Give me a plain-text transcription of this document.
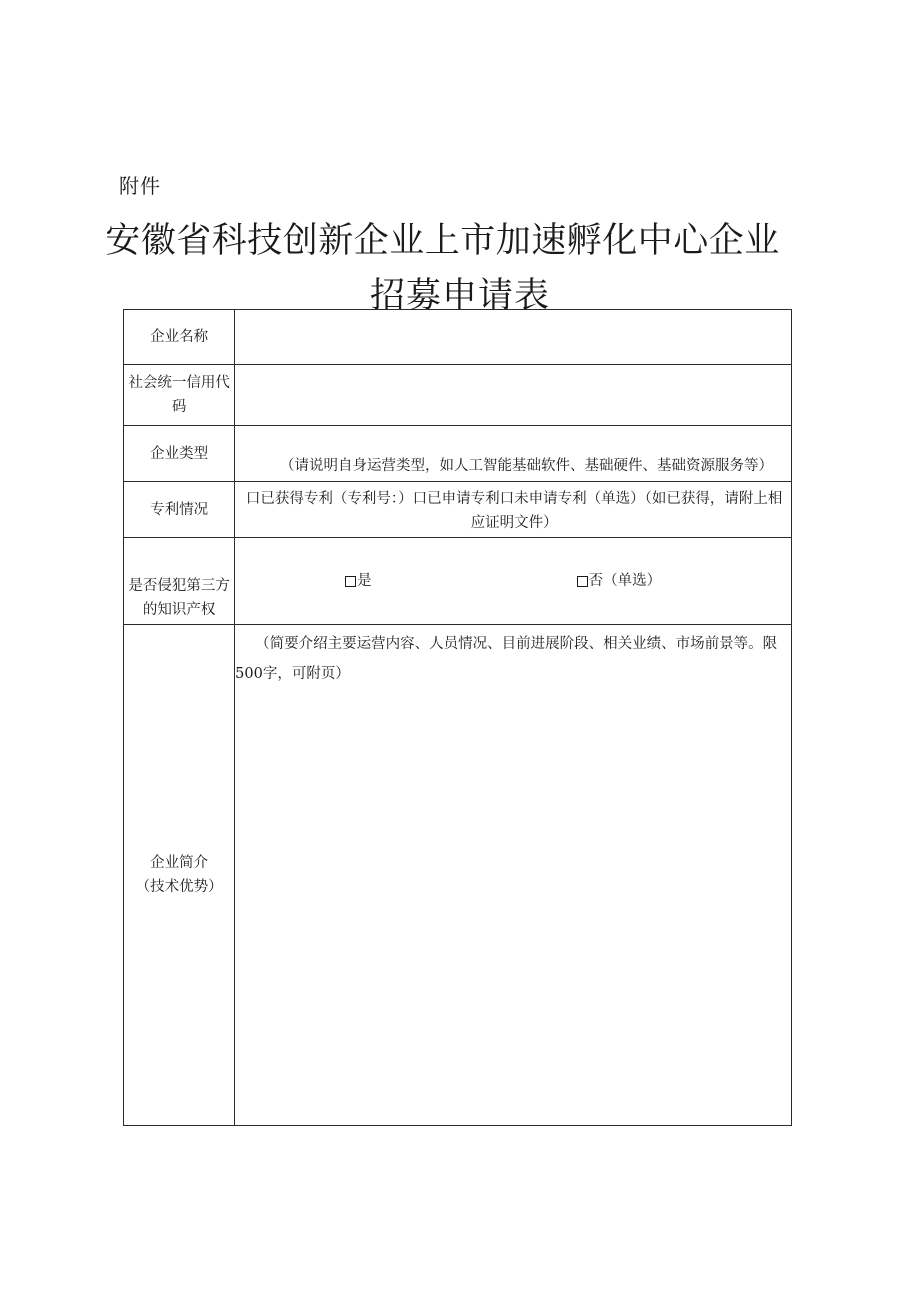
附件
安徽省科技创新企业上市加速孵化中心企业
招募申请表
企业名称	

社会统一信用代
码	

企业类型	（请说明自身运营类型，如人工智能基础软件、基础硬件、基础资源服务等）

专利情况	口已获得专利（专利号：）口已申请专利口未申请专利（单选）（如已获得，请附上相应证明文件）

是否侵犯第三方
的知识产权	是 否（单选）

企业简介
（技术优势）	（简要介绍主要运营内容、人员情况、目前进展阶段、相关业绩、市场前景等。限500字，可附页）
